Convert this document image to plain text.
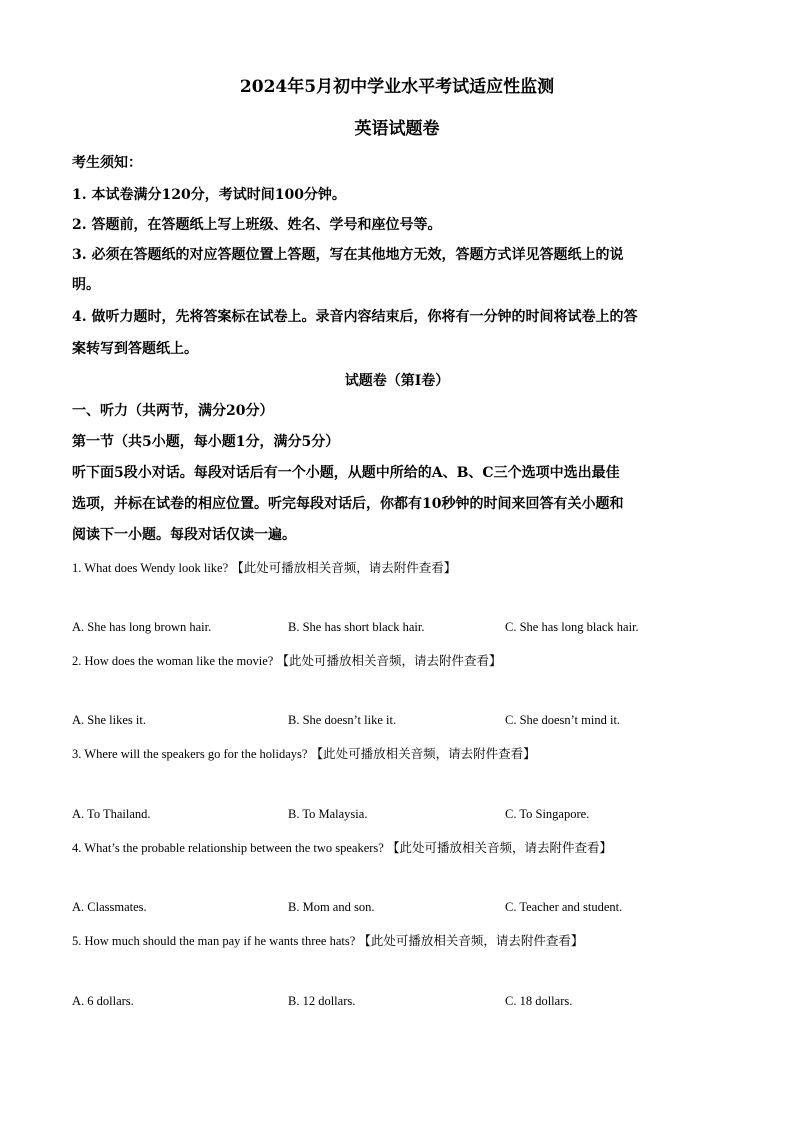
2024年5月初中学业水平考试适应性监测
英语试题卷
考生须知：
1. 本试卷满分120分，考试时间100分钟。
2. 答题前，在答题纸上写上班级、姓名、学号和座位号等。
3. 必须在答题纸的对应答题位置上答题，写在其他地方无效，答题方式详见答题纸上的说
明。
4. 做听力题时，先将答案标在试卷上。录音内容结束后，你将有一分钟的时间将试卷上的答
案转写到答题纸上。
试题卷（第I卷）
一、听力（共两节，满分20分）
第一节（共5小题，每小题1分，满分5分）
听下面5段小对话。每段对话后有一个小题，从题中所给的A、B、C三个选项中选出最佳
选项，并标在试卷的相应位置。听完每段对话后，你都有10秒钟的时间来回答有关小题和
阅读下一小题。每段对话仅读一遍。
1. What does Wendy look like? 【此处可播放相关音频，请去附件查看】
A. She has long brown hair.	B. She has short black hair.	C. She has long black hair.
2. How does the woman like the movie? 【此处可播放相关音频，请去附件查看】
A. She likes it.	B. She doesn’t like it.	C. She doesn’t mind it.
3. Where will the speakers go for the holidays? 【此处可播放相关音频，请去附件查看】
A. To Thailand.	B. To Malaysia.	C. To Singapore.
4. What’s the probable relationship between the two speakers? 【此处可播放相关音频，请去附件查看】
A. Classmates.	B. Mom and son.	C. Teacher and student.
5. How much should the man pay if he wants three hats? 【此处可播放相关音频，请去附件查看】
A. 6 dollars.	B. 12 dollars.	C. 18 dollars.
